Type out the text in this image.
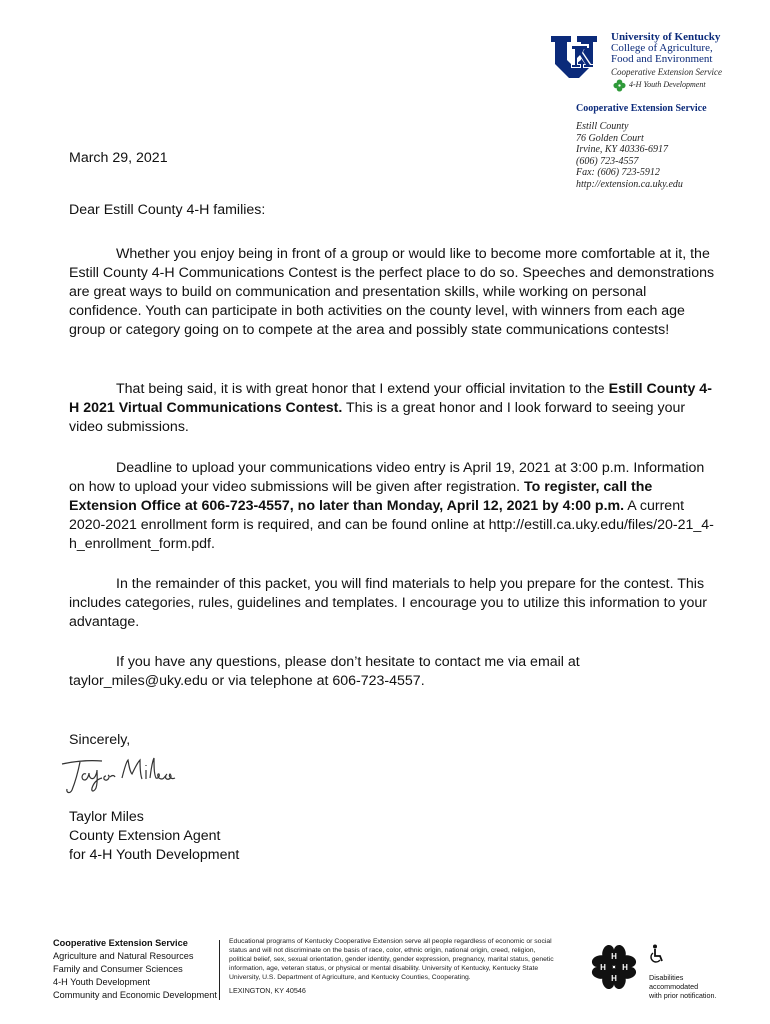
University of Kentucky
College of Agriculture,
Food and Environment
Cooperative Extension Service
4-H Youth Development
Cooperative Extension Service
Estill County
76 Golden Court
Irvine, KY 40336-6917
(606) 723-4557
Fax: (606) 723-5912
http://extension.ca.uky.edu
March 29, 2021
Dear Estill County 4-H families:
Whether you enjoy being in front of a group or would like to become more comfortable at it, the Estill County 4-H Communications Contest is the perfect place to do so. Speeches and demonstrations are great ways to build on communication and presentation skills, while working on personal confidence. Youth can participate in both activities on the county level, with winners from each age group or category going on to compete at the area and possibly state communications contests!
That being said, it is with great honor that I extend your official invitation to the Estill County 4-H 2021 Virtual Communications Contest. This is a great honor and I look forward to seeing your video submissions.
Deadline to upload your communications video entry is April 19, 2021 at 3:00 p.m. Information on how to upload your video submissions will be given after registration. To register, call the Extension Office at 606-723-4557, no later than Monday, April 12, 2021 by 4:00 p.m. A current 2020-2021 enrollment form is required, and can be found online at http://estill.ca.uky.edu/files/20-21_4-h_enrollment_form.pdf.
In the remainder of this packet, you will find materials to help you prepare for the contest. This includes categories, rules, guidelines and templates. I encourage you to utilize this information to your advantage.
If you have any questions, please don’t hesitate to contact me via email at taylor_miles@uky.edu or via telephone at 606-723-4557.
Sincerely,
Taylor Miles
County Extension Agent
for 4-H Youth Development
Cooperative Extension Service
Agriculture and Natural Resources
Family and Consumer Sciences
4-H Youth Development
Community and Economic Development
Educational programs of Kentucky Cooperative Extension serve all people regardless of economic or social status and will not discriminate on the basis of race, color, ethnic origin, national origin, creed, religion, political belief, sex, sexual orientation, gender identity, gender expression, pregnancy, marital status, genetic information, age, veteran status, or physical or mental disability. University of Kentucky, Kentucky State University, U.S. Department of Agriculture, and Kentucky Counties, Cooperating.
LEXINGTON, KY 40546
H
H
H
H
Disabilities
accommodated
with prior notification.
